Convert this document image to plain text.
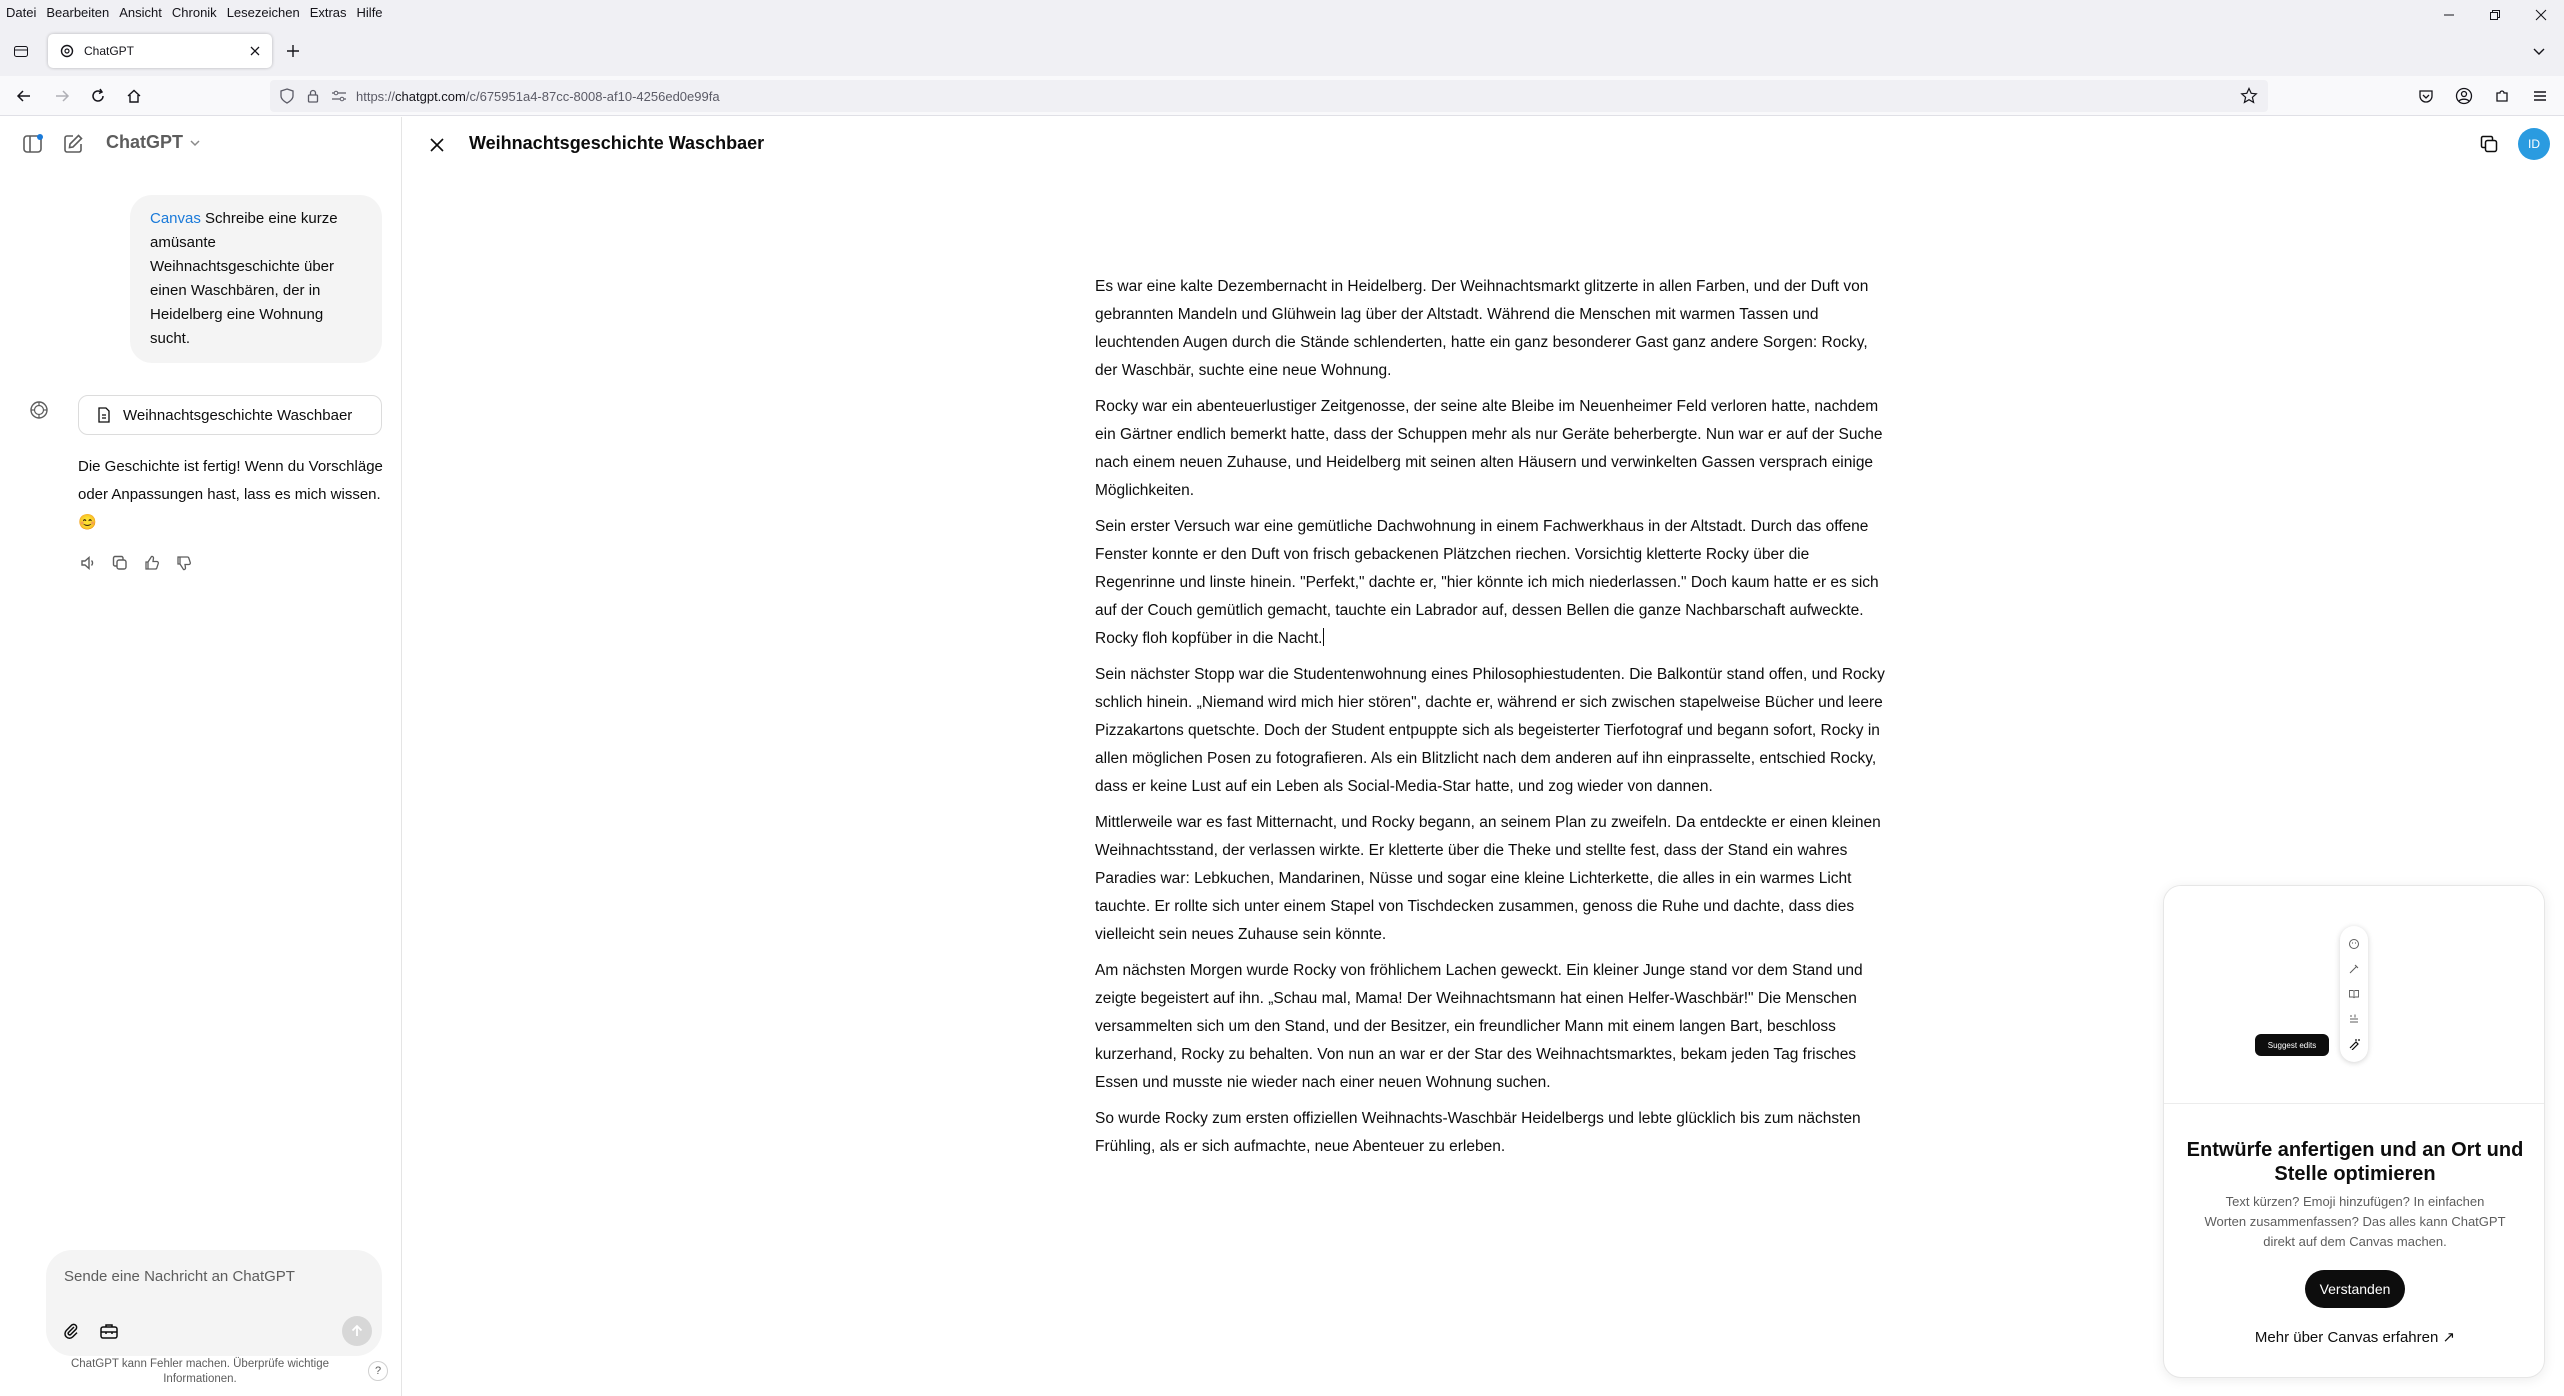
Datei Bearbeiten Ansicht Chronik Lesezeichen Extras Hilfe
ChatGPT
https://chatgpt.com/c/675951a4-87cc-8008-af10-4256ed0e99fa
ChatGPT
Canvas Schreibe eine kurze amüsante Weihnachtsgeschichte über einen Waschbären, der in Heidelberg eine Wohnung sucht.
Weihnachtsgeschichte Waschbaer
Die Geschichte ist fertig! Wenn du Vorschläge oder Anpassungen hast, lass es mich wissen. 😊
Sende eine Nachricht an ChatGPT
ChatGPT kann Fehler machen. Überprüfe wichtige Informationen.
?
Weihnachtsgeschichte Waschbaer	ID

Es war eine kalte Dezembernacht in Heidelberg. Der Weihnachtsmarkt glitzerte in allen Farben, und der Duft von gebrannten Mandeln und Glühwein lag über der Altstadt. Während die Menschen mit warmen Tassen und leuchtenden Augen durch die Stände schlenderten, hatte ein ganz besonderer Gast ganz andere Sorgen: Rocky, der Waschbär, suchte eine neue Wohnung.

Rocky war ein abenteuerlustiger Zeitgenosse, der seine alte Bleibe im Neuenheimer Feld verloren hatte, nachdem ein Gärtner endlich bemerkt hatte, dass der Schuppen mehr als nur Geräte beherbergte. Nun war er auf der Suche nach einem neuen Zuhause, und Heidelberg mit seinen alten Häusern und verwinkelten Gassen versprach einige Möglichkeiten.

Sein erster Versuch war eine gemütliche Dachwohnung in einem Fachwerkhaus in der Altstadt. Durch das offene Fenster konnte er den Duft von frisch gebackenen Plätzchen riechen. Vorsichtig kletterte Rocky über die Regenrinne und linste hinein. "Perfekt," dachte er, "hier könnte ich mich niederlassen." Doch kaum hatte er es sich auf der Couch gemütlich gemacht, tauchte ein Labrador auf, dessen Bellen die ganze Nachbarschaft aufweckte. Rocky floh kopfüber in die Nacht.

Sein nächster Stopp war die Studentenwohnung eines Philosophiestudenten. Die Balkontür stand offen, und Rocky schlich hinein. „Niemand wird mich hier stören", dachte er, während er sich zwischen stapelweise Bücher und leere Pizzakartons quetschte. Doch der Student entpuppte sich als begeisterter Tierfotograf und begann sofort, Rocky in allen möglichen Posen zu fotografieren. Als ein Blitzlicht nach dem anderen auf ihn einprasselte, entschied Rocky, dass er keine Lust auf ein Leben als Social-Media-Star hatte, und zog wieder von dannen.

Mittlerweile war es fast Mitternacht, und Rocky begann, an seinem Plan zu zweifeln. Da entdeckte er einen kleinen Weihnachtsstand, der verlassen wirkte. Er kletterte über die Theke und stellte fest, dass der Stand ein wahres Paradies war: Lebkuchen, Mandarinen, Nüsse und sogar eine kleine Lichterkette, die alles in ein warmes Licht tauchte. Er rollte sich unter einem Stapel von Tischdecken zusammen, genoss die Ruhe und dachte, dass dies vielleicht sein neues Zuhause sein könnte.

Am nächsten Morgen wurde Rocky von fröhlichem Lachen geweckt. Ein kleiner Junge stand vor dem Stand und zeigte begeistert auf ihn. „Schau mal, Mama! Der Weihnachtsmann hat einen Helfer-Waschbär!" Die Menschen versammelten sich um den Stand, und der Besitzer, ein freundlicher Mann mit einem langen Bart, beschloss kurzerhand, Rocky zu behalten. Von nun an war er der Star des Weihnachtsmarktes, bekam jeden Tag frisches Essen und musste nie wieder nach einer neuen Wohnung suchen.

So wurde Rocky zum ersten offiziellen Weihnachts-Waschbär Heidelbergs und lebte glücklich bis zum nächsten Frühling, als er sich aufmachte, neue Abenteuer zu erleben.

Suggest edits
Entwürfe anfertigen und an Ort und Stelle optimieren
Text kürzen? Emoji hinzufügen? In einfachen Worten zusammenfassen? Das alles kann ChatGPT direkt auf dem Canvas machen.
Verstanden
Mehr über Canvas erfahren ↗
